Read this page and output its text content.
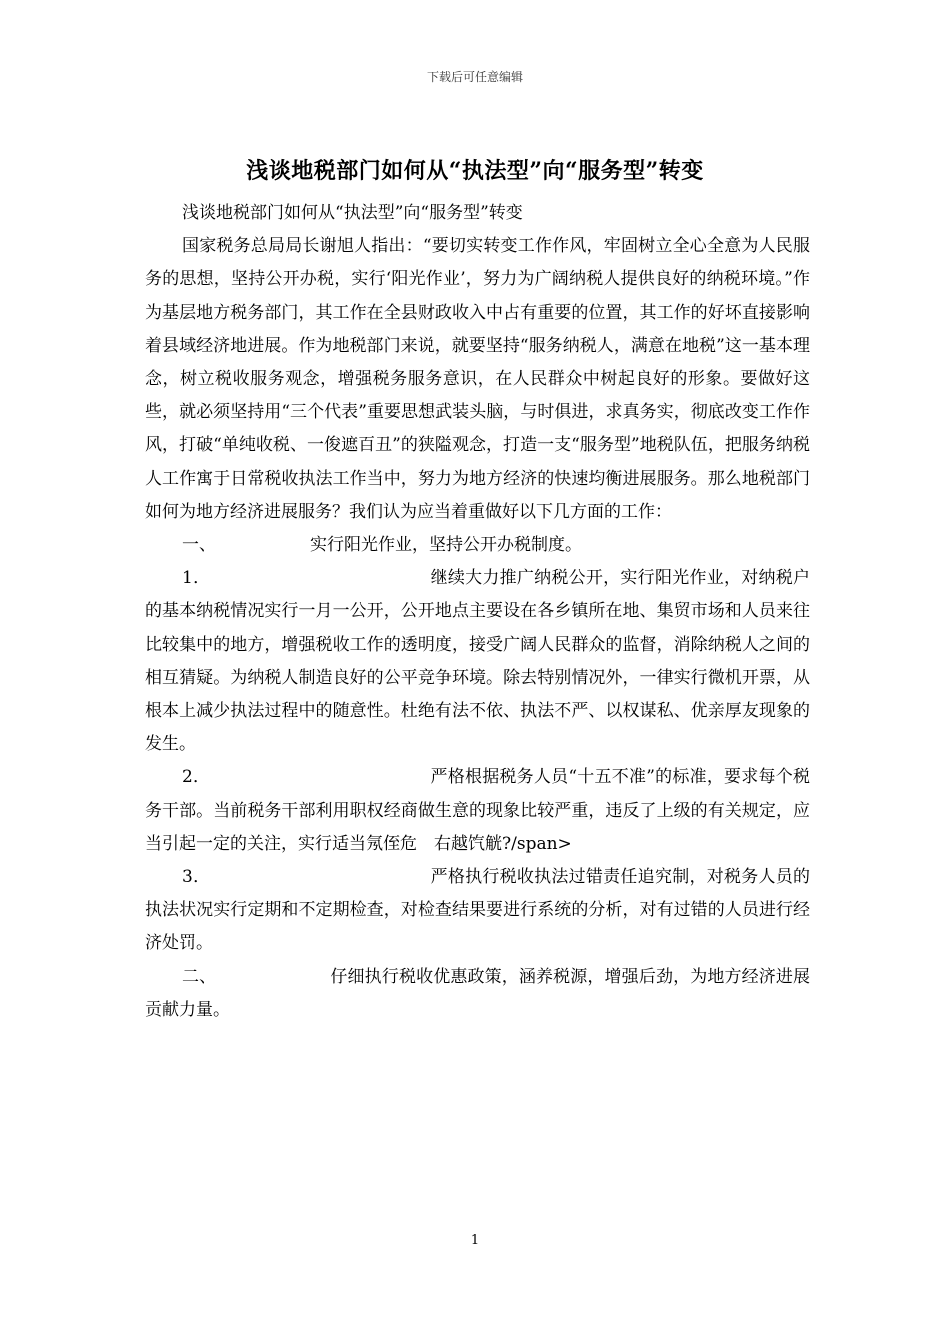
下载后可任意编辑
浅谈地税部门如何从“执法型”向“服务型”转变

浅谈地税部门如何从“执法型”向“服务型”转变

国家税务总局局长谢旭人指出：“要切实转变工作作风，牢固树立全心全意为人民服务的思想，坚持公开办税，实行‘阳光作业’，努力为广阔纳税人提供良好的纳税环境。”作为基层地方税务部门，其工作在全县财政收入中占有重要的位置，其工作的好坏直接影响着县域经济地进展。作为地税部门来说，就要坚持“服务纳税人，满意在地税”这一基本理念，树立税收服务观念，增强税务服务意识，在人民群众中树起良好的形象。要做好这些，就必须坚持用“三个代表”重要思想武装头脑，与时俱进，求真务实，彻底改变工作作风，打破“单纯收税、一俊遮百丑”的狭隘观念，打造一支“服务型”地税队伍，把服务纳税人工作寓于日常税收执法工作当中，努力为地方经济的快速均衡进展服务。那么地税部门如何为地方经济进展服务？我们认为应当着重做好以下几方面的工作：

一、	实行阳光作业，坚持公开办税制度。

1．	继续大力推广纳税公开，实行阳光作业，对纳税户的基本纳税情况实行一月一公开，公开地点主要设在各乡镇所在地、集贸市场和人员来往比较集中的地方，增强税收工作的透明度，接受广阔人民群众的监督，消除纳税人之间的相互猜疑。为纳税人制造良好的公平竞争环境。除去特别情况外，一律实行微机开票，从根本上减少执法过程中的随意性。杜绝有法不依、执法不严、以权谋私、优亲厚友现象的发生。

2．	严格根据税务人员“十五不准”的标准，要求每个税务干部。当前税务干部利用职权经商做生意的现象比较严重，违反了上级的有关规定，应当引起一定的关注，实行适当氖侄危　右越饩觥?/span>

3．	严格执行税收执法过错责任追究制，对税务人员的执法状况实行定期和不定期检查，对检查结果要进行系统的分析，对有过错的人员进行经济处罚。

二、	仔细执行税收优惠政策，涵养税源，增强后劲，为地方经济进展贡献力量。

1
